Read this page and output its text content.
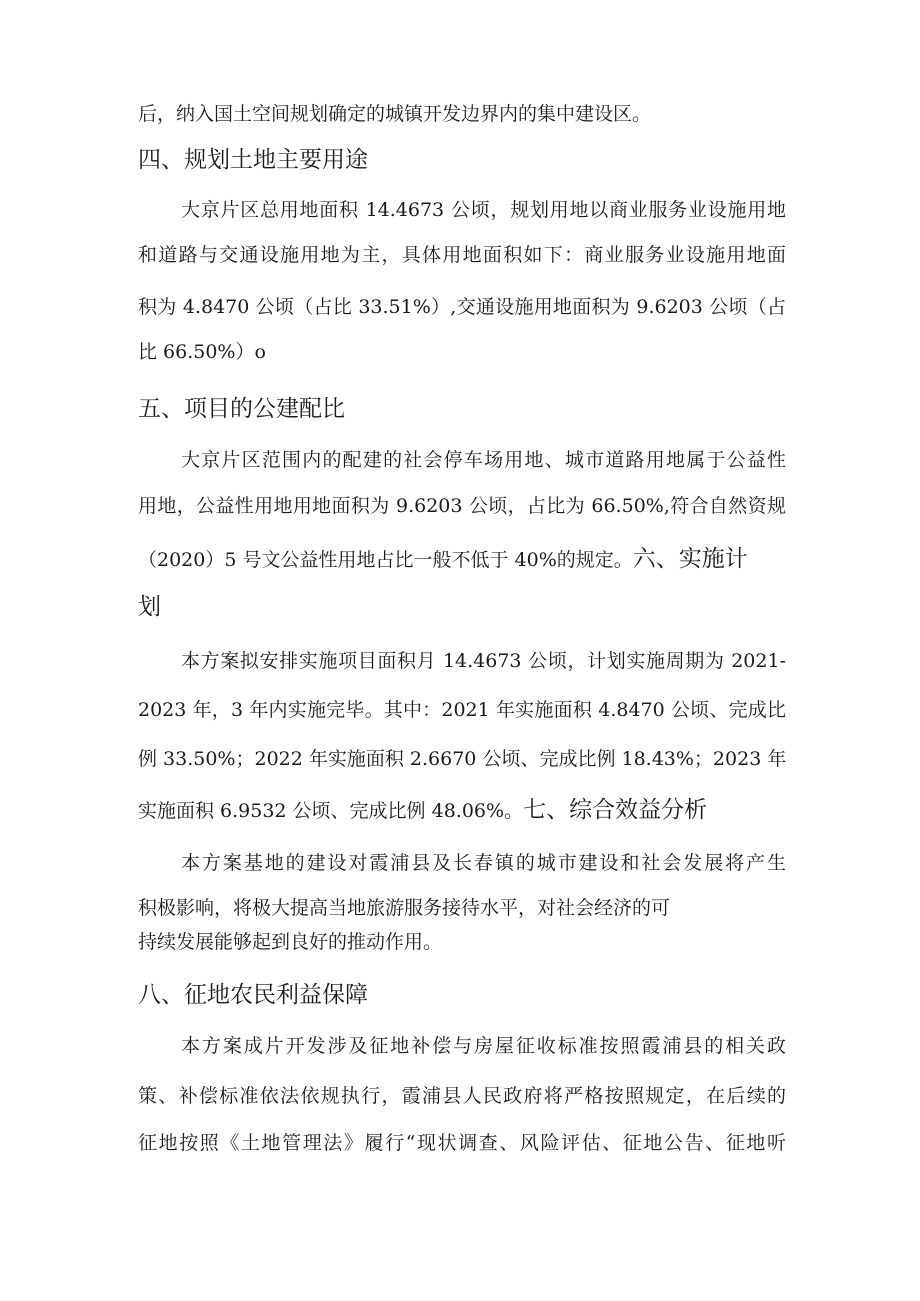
后，纳入国土空间规划确定的城镇开发边界内的集中建设区。
四、规划土地主要用途
大京片区总用地面积 14.4673 公顷，规划用地以商业服务业设施用地
和道路与交通设施用地为主，具体用地面积如下：商业服务业设施用地面
积为 4.8470 公顷（占比 33.51%）,交通设施用地面积为 9.6203 公顷（占
比 66.50%）o
五、项目的公建配比
大京片区范围内的配建的社会停车场用地、城市道路用地属于公益性
用地，公益性用地用地面积为 9.6203 公顷，占比为 66.50%,符合自然资规
（2020）5 号文公益性用地占比一般不低于 40%的规定。六、实施计
划
本方案拟安排实施项目面积月 14.4673 公顷，计划实施周期为 2021-
2023 年，3 年内实施完毕。其中：2021 年实施面积 4.8470 公顷、完成比
例 33.50%；2022 年实施面积 2.6670 公顷、完成比例 18.43%；2023 年
实施面积 6.9532 公顷、完成比例 48.06%。七、综合效益分析
本方案基地的建设对霞浦县及长春镇的城市建设和社会发展将产生
积极影响，将极大提高当地旅游服务接待水平，对社会经济的可
持续发展能够起到良好的推动作用。
八、征地农民利益保障
本方案成片开发涉及征地补偿与房屋征收标准按照霞浦县的相关政
策、补偿标准依法依规执行，霞浦县人民政府将严格按照规定，在后续的
征地按照《土地管理法》履行“现状调查、风险评估、征地公告、征地听
